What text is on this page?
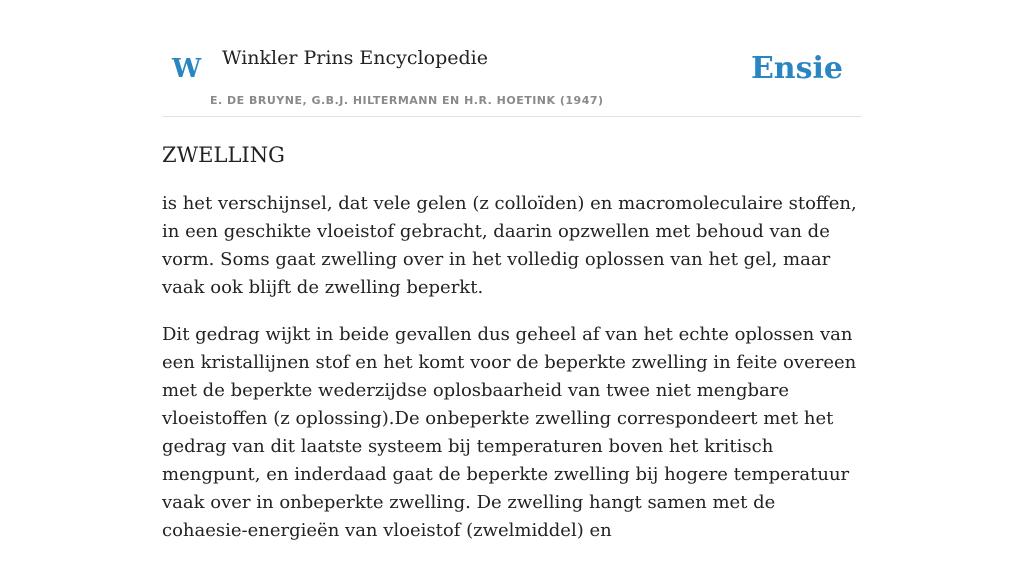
W Winkler Prins Encyclopedie
E. DE BRUYNE, G.B.J. HILTERMANN EN H.R. HOETINK (1947)
Ensie
ZWELLING

is het verschijnsel, dat vele gelen (z colloïden) en macromoleculaire stoffen, in een geschikte vloeistof gebracht, daarin opzwellen met behoud van de vorm. Soms gaat zwelling over in het volledig oplossen van het gel, maar vaak ook blijft de zwelling beperkt.

Dit gedrag wijkt in beide gevallen dus geheel af van het echte oplossen van een kristallijnen stof en het komt voor de beperkte zwelling in feite overeen met de beperkte wederzijdse oplosbaarheid van twee niet mengbare vloeistoffen (z oplossing).De onbeperkte zwelling correspondeert met het gedrag van dit laatste systeem bij temperaturen boven het kritisch mengpunt, en inderdaad gaat de beperkte zwelling bij hogere temperatuur vaak over in onbeperkte zwelling. De zwelling hangt samen met de cohaesie-energieën van vloeistof (zwelmiddel) en
